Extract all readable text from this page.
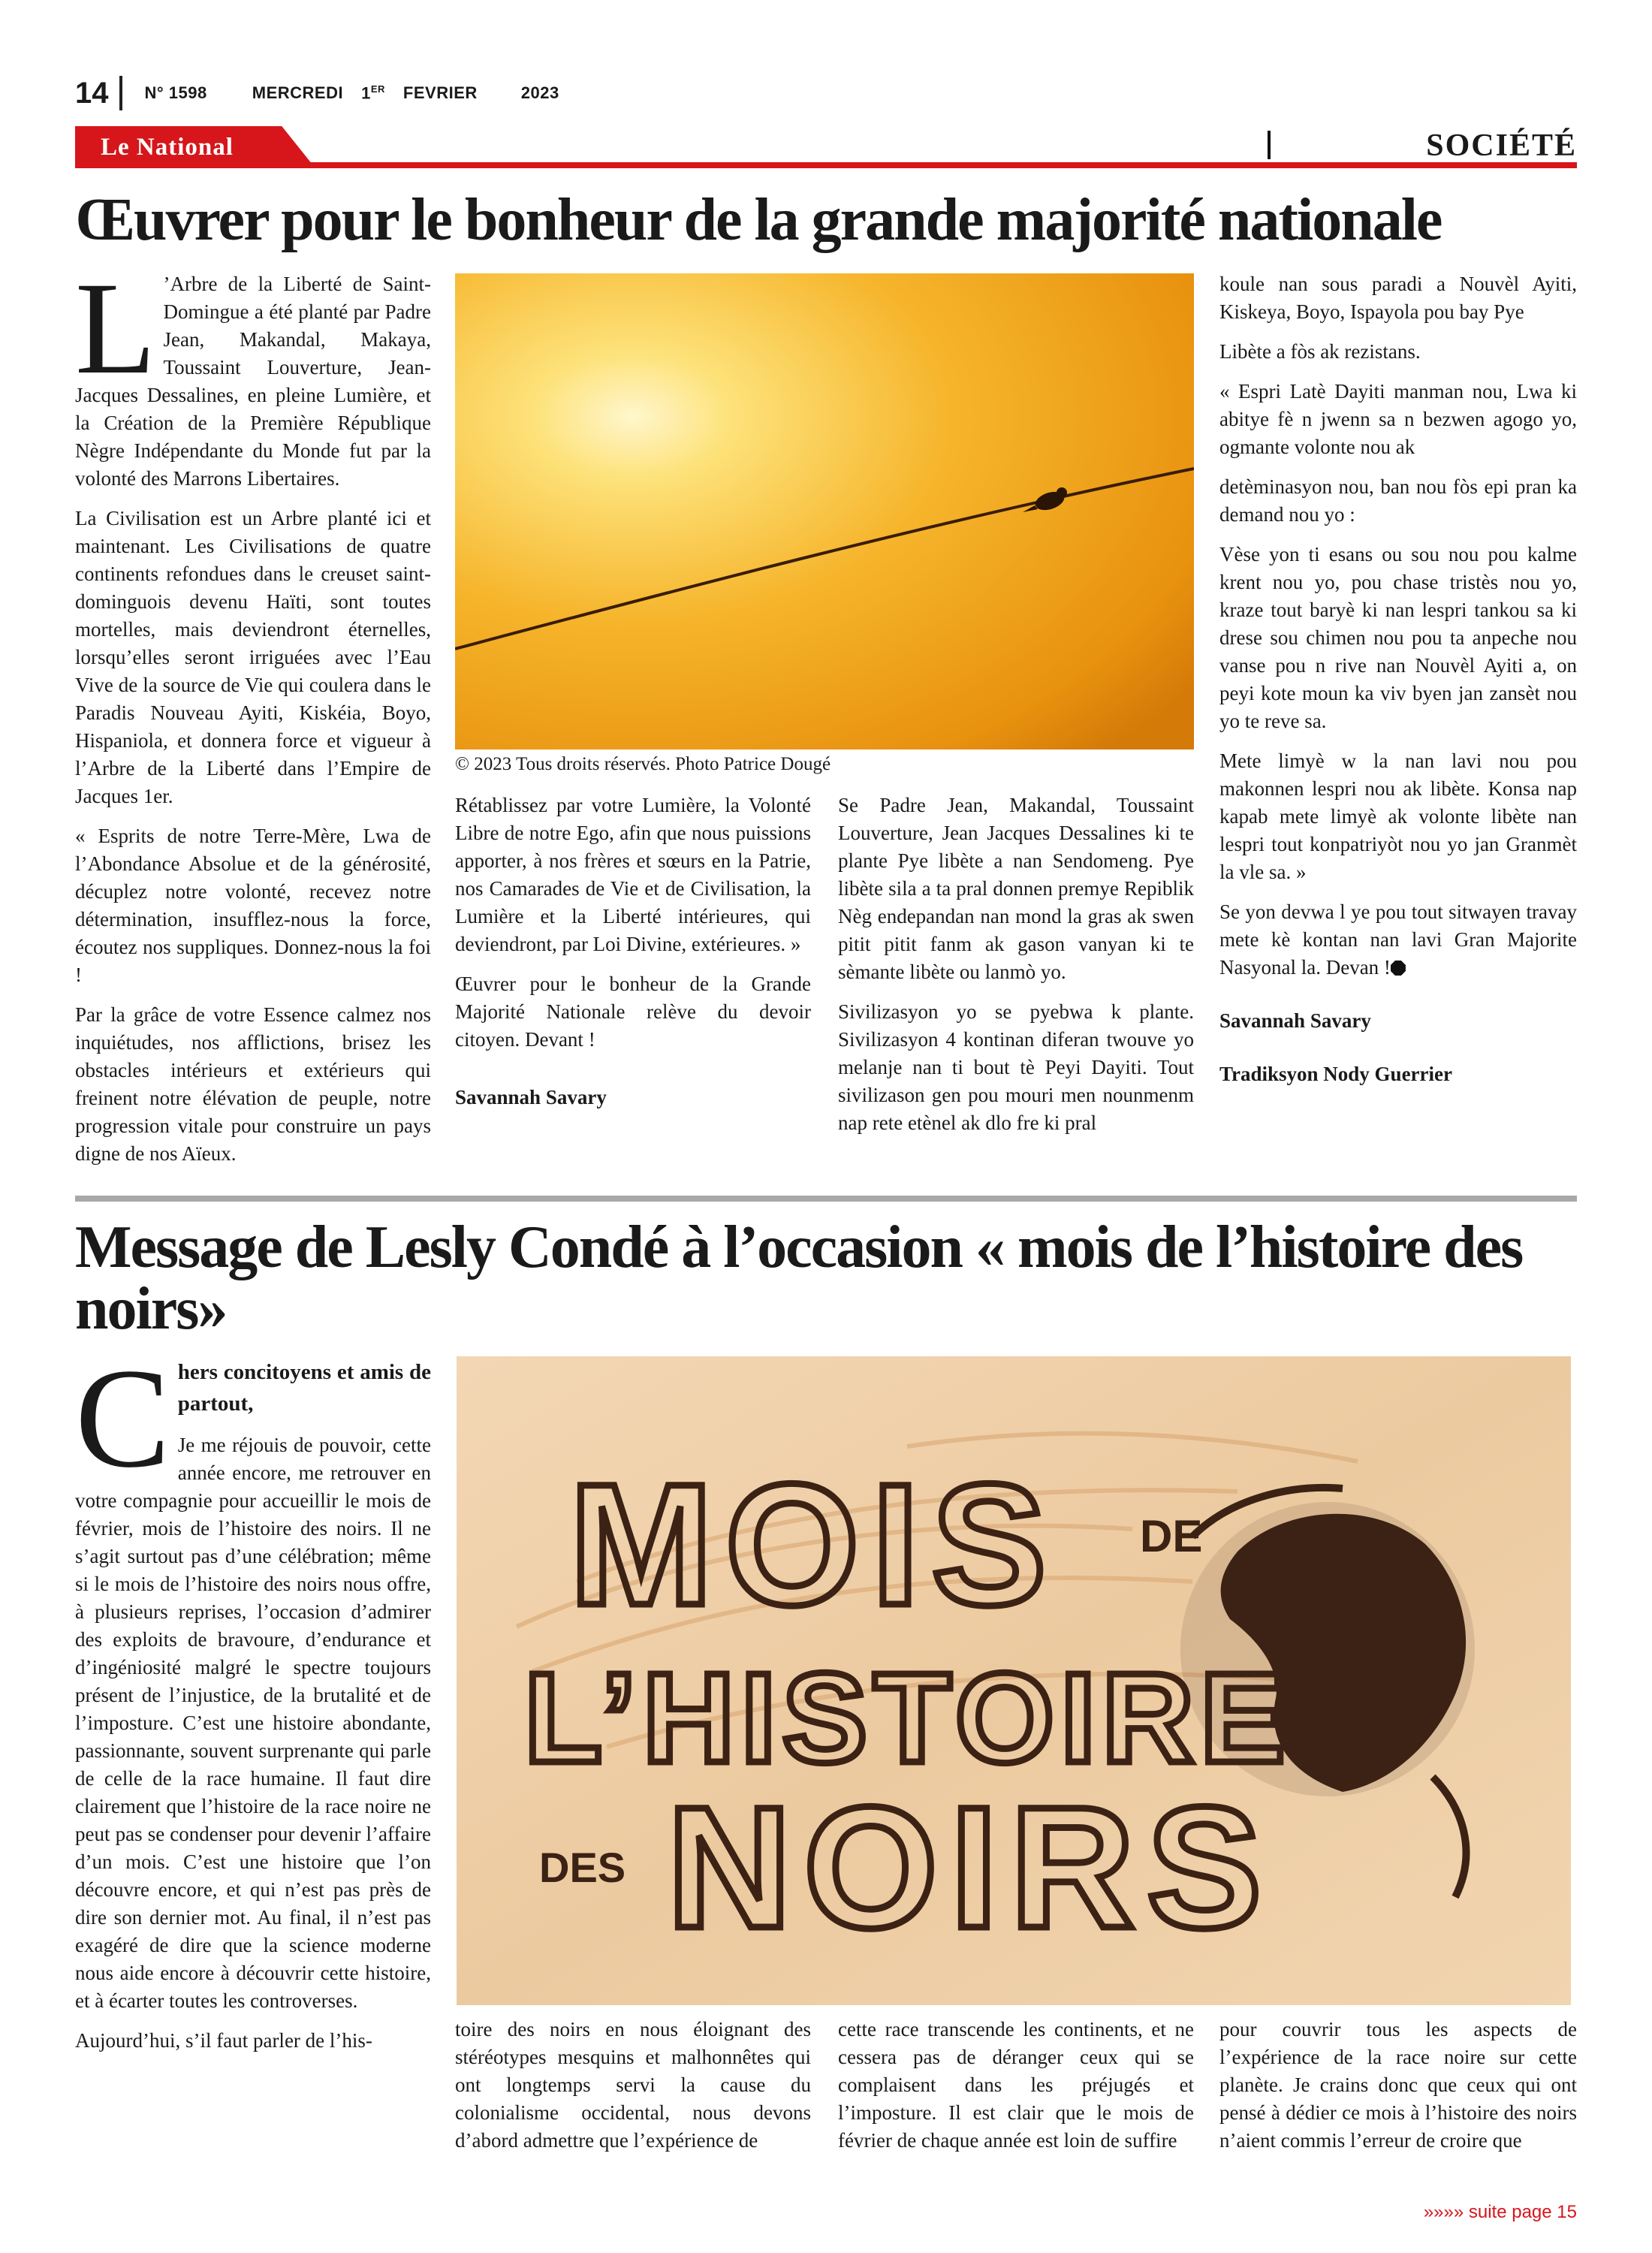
14	N° 1598	MERCREDI 1ER FEVRIER	2023
Le National	SOCIÉTÉ
Œuvrer pour le bonheur de la grande majorité nationale

L ’Arbre de la Liberté de Saint-Domingue a été planté par Padre Jean, Makandal, Makaya, Toussaint Louverture, Jean-Jacques Dessalines, en pleine Lumière, et la Création de la Première République Nègre Indépendante du Monde fut par la volonté des Marrons Libertaires.

La Civilisation est un Arbre planté ici et maintenant. Les Civilisations de quatre continents refondues dans le creuset saint-dominguois devenu Haïti, sont toutes mortelles, mais deviendront éternelles, lorsqu’elles seront irriguées avec l’Eau Vive de la source de Vie qui coulera dans le Paradis Nouveau Ayiti, Kiskéia, Boyo, Hispaniola, et donnera force et vigueur à l’Arbre de la Liberté dans l’Empire de Jacques 1er.

« Esprits de notre Terre-Mère, Lwa de l’Abondance Absolue et de la générosité, décuplez notre volonté, recevez notre détermination, insufflez-nous la force, écoutez nos suppliques. Donnez-nous la foi !

Par la grâce de votre Essence calmez nos inquiétudes, nos afflictions, brisez les obstacles intérieurs et extérieurs qui freinent notre élévation de peuple, notre progression vitale pour construire un pays digne de nos Aïeux.

© 2023 Tous droits réservés. Photo Patrice Dougé

Rétablissez par votre Lumière, la Volonté Libre de notre Ego, afin que nous puissions apporter, à nos frères et sœurs en la Patrie, nos Camarades de Vie et de Civilisation, la Lumière et la Liberté intérieures, qui deviendront, par Loi Divine, extérieures. »

Œuvrer pour le bonheur de la Grande Majorité Nationale relève du devoir citoyen. Devant !

Savannah Savary

Se Padre Jean, Makandal, Toussaint Louverture, Jean Jacques Dessalines ki te plante Pye libète a nan Sendomeng. Pye libète sila a ta pral donnen premye Repiblik Nèg endepandan nan mond la gras ak swen pitit pitit fanm ak gason vanyan ki te sèmante libète ou lanmò yo.

Sivilizasyon yo se pyebwa k plante. Sivilizasyon 4 kontinan diferan twouve yo melanje nan ti bout tè Peyi Dayiti. Tout sivilizason gen pou mouri men nounmenm nap rete etènel ak dlo fre ki pral

koule nan sous paradi a Nouvèl Ayiti, Kiskeya, Boyo, Ispayola pou bay Pye

Libète a fòs ak rezistans.

« Espri Latè Dayiti manman nou, Lwa ki abitye fè n jwenn sa n bezwen agogo yo, ogmante volonte nou ak

detèminasyon nou, ban nou fòs epi pran ka demand nou yo :

Vèse yon ti esans ou sou nou pou kalme krent nou yo, pou chase tristès nou yo, kraze tout baryè ki nan lespri tankou sa ki drese sou chimen nou pou ta anpeche nou vanse pou n rive nan Nouvèl Ayiti a, on peyi kote moun ka viv byen jan zansèt nou yo te reve sa.

Mete limyè w la nan lavi nou pou makonnen lespri nou ak libète. Konsa nap kapab mete limyè ak volonte libète nan lespri tout konpatriyòt nou yo jan Granmèt la vle sa. »

Se yon devwa l ye pou tout sitwayen travay mete kè kontan nan lavi Gran Majorite Nasyonal la. Devan !

Savannah Savary

Tradiksyon Nody Guerrier

Message de Lesly Condé à l’occasion « mois de l’histoire des noirs»
C hers concitoyens et amis de partout,

Je me réjouis de pouvoir, cette année encore, me retrouver en votre compagnie pour accueillir le mois de février, mois de l’histoire des noirs. Il ne s’agit surtout pas d’une célébration; même si le mois de l’histoire des noirs nous offre, à plusieurs reprises, l’occasion d’admirer des exploits de bravoure, d’endurance et d’ingéniosité malgré le spectre toujours présent de l’injustice, de la brutalité et de l’imposture. C’est une histoire abondante, passionnante, souvent surprenante qui parle de celle de la race humaine. Il faut dire clairement que l’histoire de la race noire ne peut pas se condenser pour devenir l’affaire d’un mois. C’est une histoire que l’on découvre encore, et qui n’est pas près de dire son dernier mot. Au final, il n’est pas exagéré de dire que la science moderne nous aide encore à découvrir cette histoire, et à écarter toutes les controverses.

Aujourd’hui, s’il faut parler de l’his-

MOIS DE
L’HISTOIRE
DES NOIRS

toire des noirs en nous éloignant des stéréotypes mesquins et malhonnêtes qui ont longtemps servi la cause du colonialisme occidental, nous devons d’abord admettre que l’expérience de

cette race transcende les continents, et ne cessera pas de déranger ceux qui se complaisent dans les préjugés et l’imposture. Il est clair que le mois de février de chaque année est loin de suffire

pour couvrir tous les aspects de l’expérience de la race noire sur cette planète. Je crains donc que ceux qui ont pensé à dédier ce mois à l’histoire des noirs n’aient commis l’erreur de croire que

»»»» suite page 15
